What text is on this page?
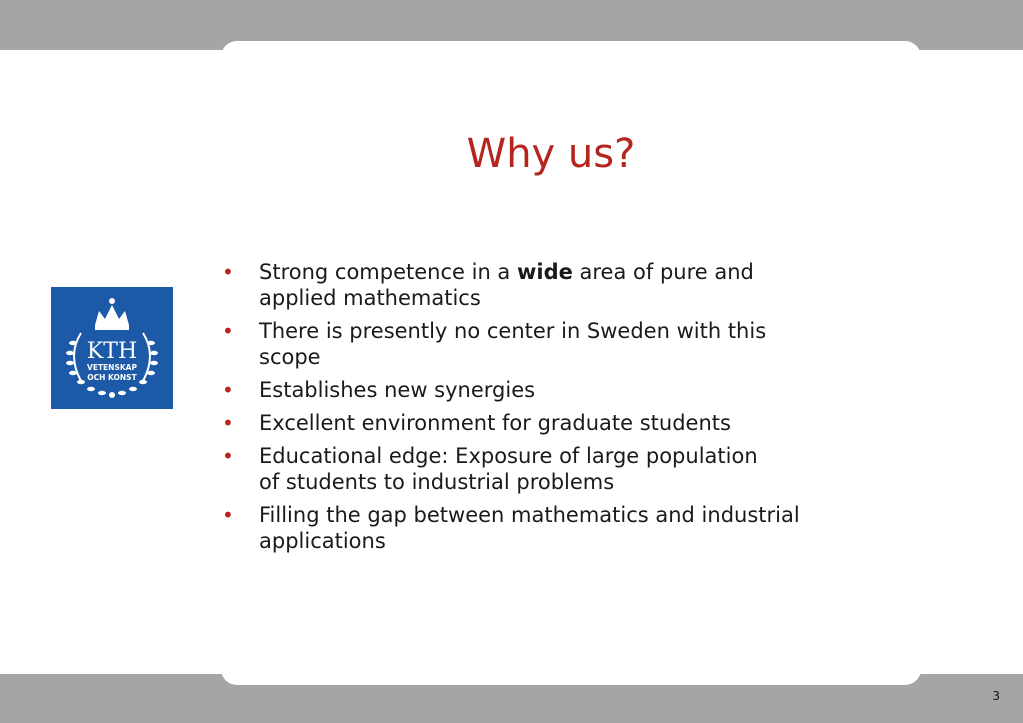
Why us?
KTH
VETENSKAP
OCH KONST
• Strong competence in a wide area of pure and
applied mathematics
• There is presently no center in Sweden with this
scope
• Establishes new synergies
• Excellent environment for graduate students
• Educational edge: Exposure of large population
of students to industrial problems
• Filling the gap between mathematics and industrial
applications
3
